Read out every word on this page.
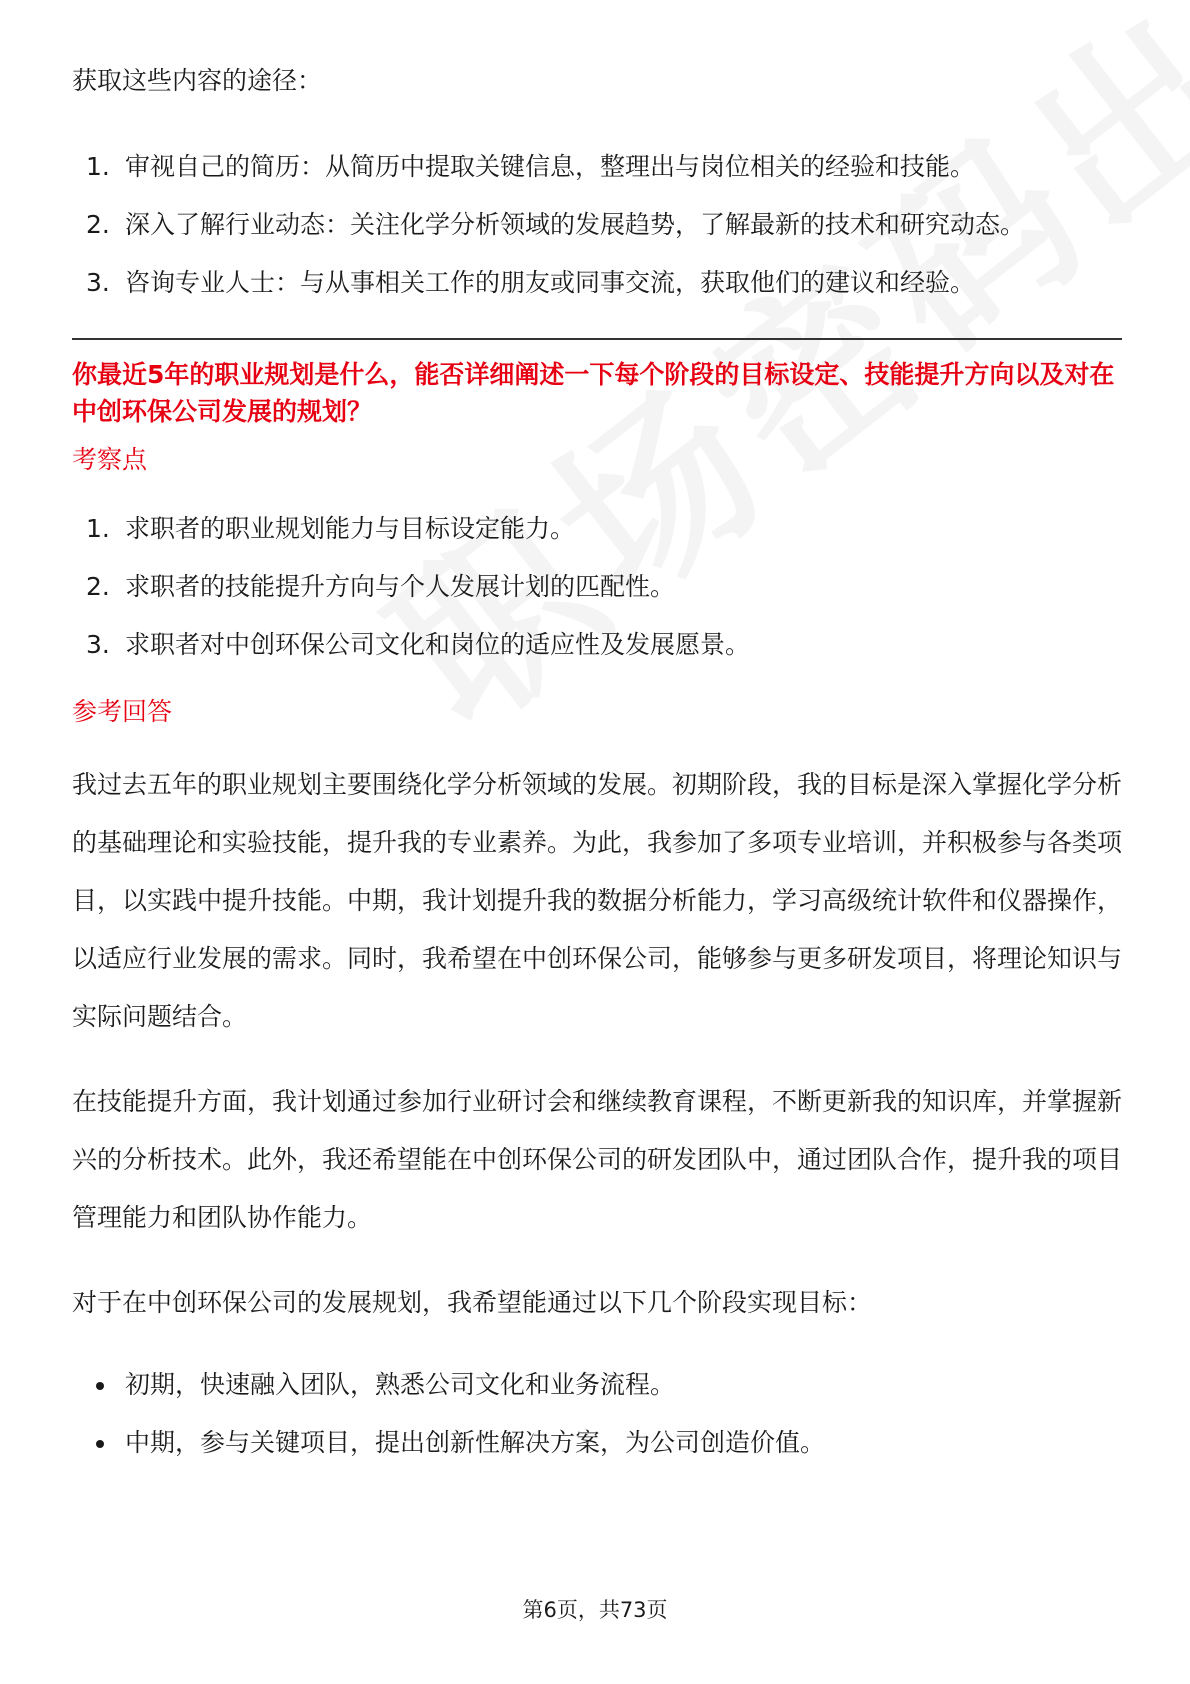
获取这些内容的途径：

1. 审视自己的简历：从简历中提取关键信息，整理出与岗位相关的经验和技能。
2. 深入了解行业动态：关注化学分析领域的发展趋势，了解最新的技术和研究动态。
3. 咨询专业人士：与从事相关工作的朋友或同事交流，获取他们的建议和经验。

你最近5年的职业规划是什么，能否详细阐述一下每个阶段的目标设定、技能提升方向以及对在中创环保公司发展的规划？

考察点

1. 求职者的职业规划能力与目标设定能力。
2. 求职者的技能提升方向与个人发展计划的匹配性。
3. 求职者对中创环保公司文化和岗位的适应性及发展愿景。

参考回答

我过去五年的职业规划主要围绕化学分析领域的发展。初期阶段，我的目标是深入掌握化学分析的基础理论和实验技能，提升我的专业素养。为此，我参加了多项专业培训，并积极参与各类项目，以实践中提升技能。中期，我计划提升我的数据分析能力，学习高级统计软件和仪器操作，以适应行业发展的需求。同时，我希望在中创环保公司，能够参与更多研发项目，将理论知识与实际问题结合。

在技能提升方面，我计划通过参加行业研讨会和继续教育课程，不断更新我的知识库，并掌握新兴的分析技术。此外，我还希望能在中创环保公司的研发团队中，通过团队合作，提升我的项目管理能力和团队协作能力。

对于在中创环保公司的发展规划，我希望能通过以下几个阶段实现目标：

初期，快速融入团队，熟悉公司文化和业务流程。
中期，参与关键项目，提出创新性解决方案，为公司创造价值。
第6页，共73页
